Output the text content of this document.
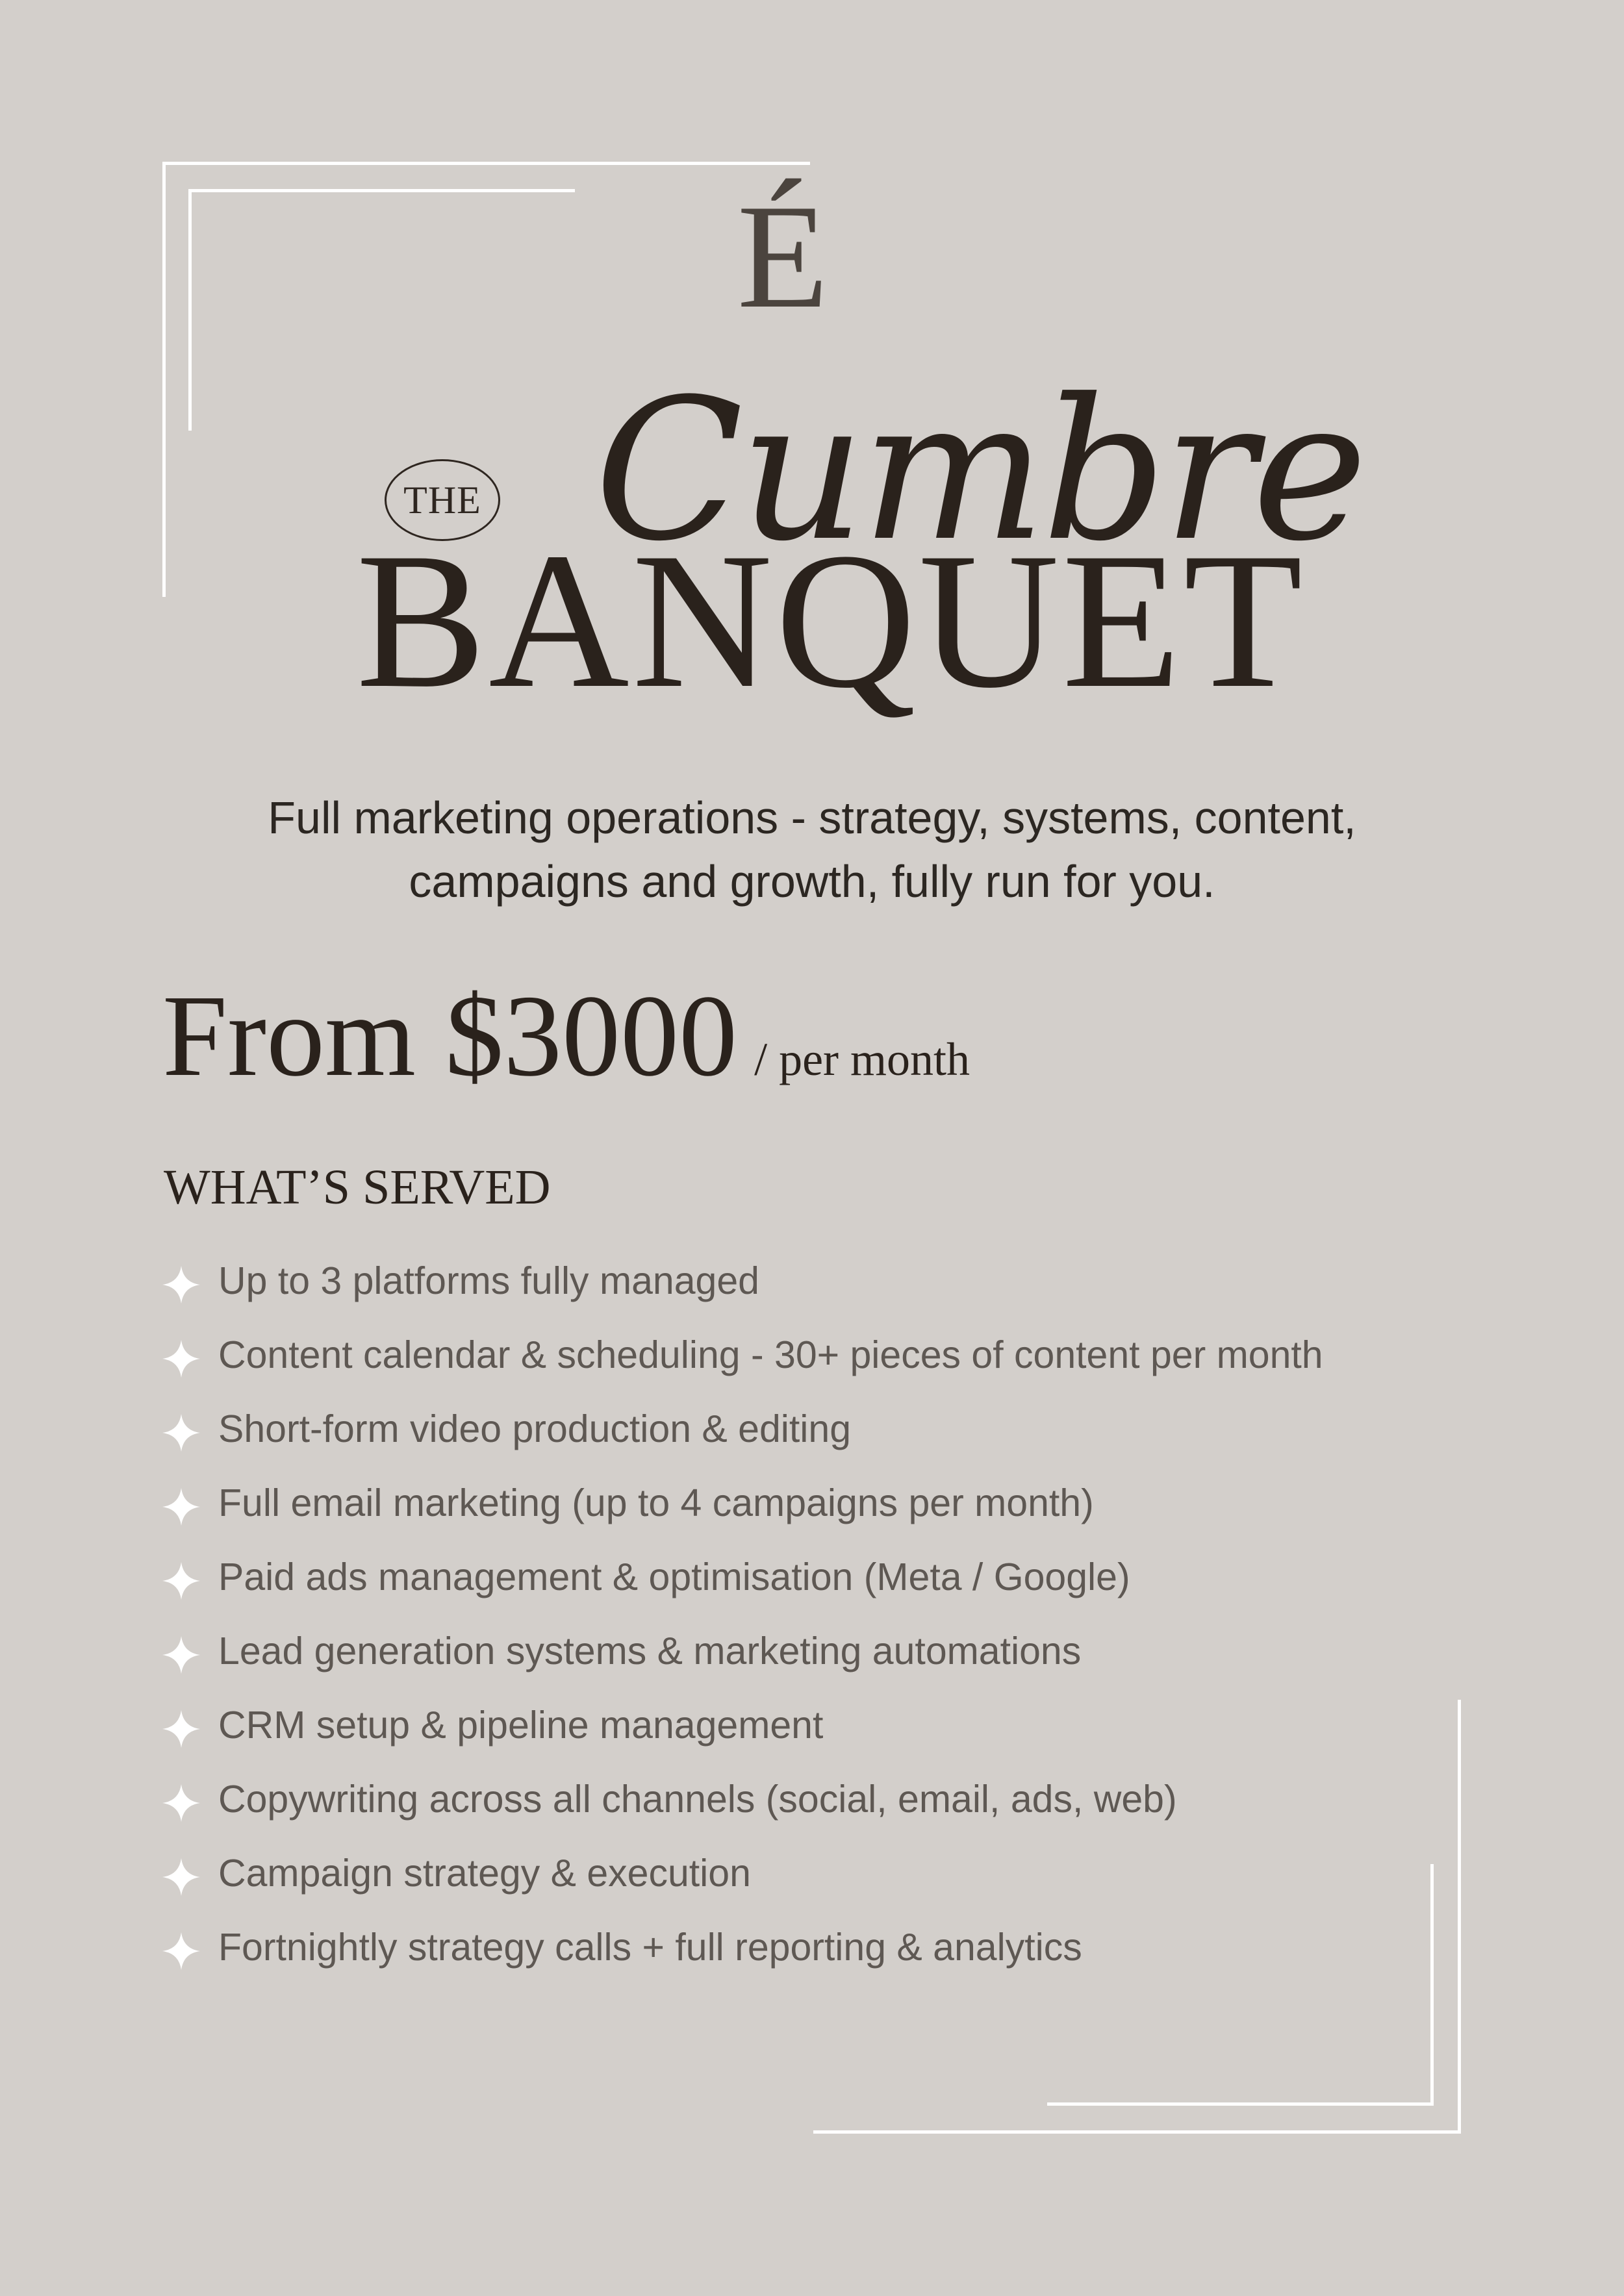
É
THE Cumbre
BANQUET
Full marketing operations - strategy, systems, content,
campaigns and growth, fully run for you.
From $3000 / per month
WHAT’S SERVED
Up to 3 platforms fully managed
Content calendar & scheduling - 30+ pieces of content per month
Short-form video production & editing
Full email marketing (up to 4 campaigns per month)
Paid ads management & optimisation (Meta / Google)
Lead generation systems & marketing automations
CRM setup & pipeline management
Copywriting across all channels (social, email, ads, web)
Campaign strategy & execution
Fortnightly strategy calls + full reporting & analytics
